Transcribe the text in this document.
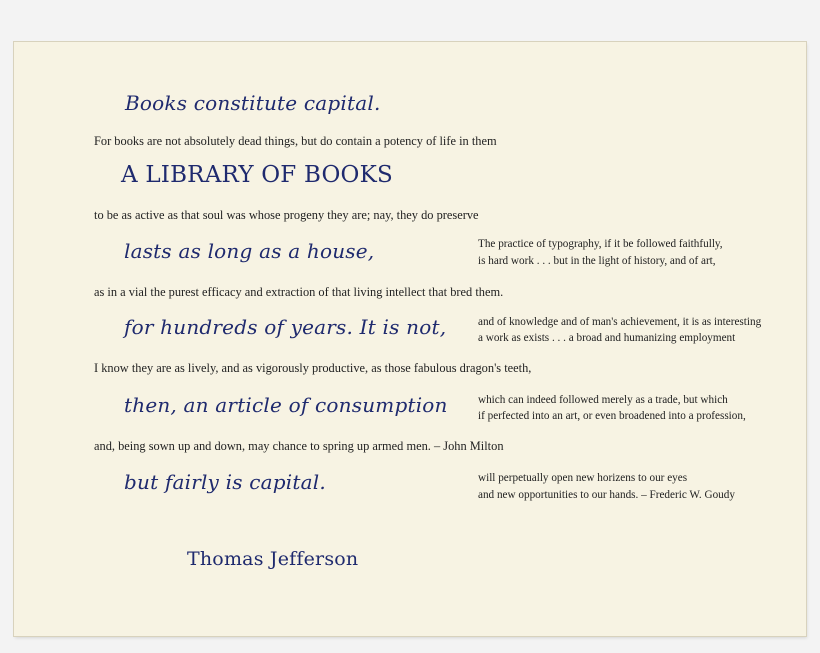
Books constitute capital.
A LIBRARY OF BOOKS
lasts as long as a house,
for hundreds of years. It is not,
then, an article of consumption
but fairly is capital.
Thomas Jefferson
For books are not absolutely dead things, but do contain a potency of life in them
to be as active as that soul was whose progeny they are; nay, they do preserve
as in a vial the purest efficacy and extraction of that living intellect that bred them.
I know they are as lively, and as vigorously productive, as those fabulous dragon's teeth,
and, being sown up and down, may chance to spring up armed men. – John Milton
The practice of typography, if it be followed faithfully,
is hard work . . . but in the light of history, and of art,
and of knowledge and of man's achievement, it is as interesting
a work as exists . . . a broad and humanizing employment
which can indeed followed merely as a trade, but which
if perfected into an art, or even broadened into a profession,
will perpetually open new horizens to our eyes
and new opportunities to our hands. – Frederic W. Goudy
